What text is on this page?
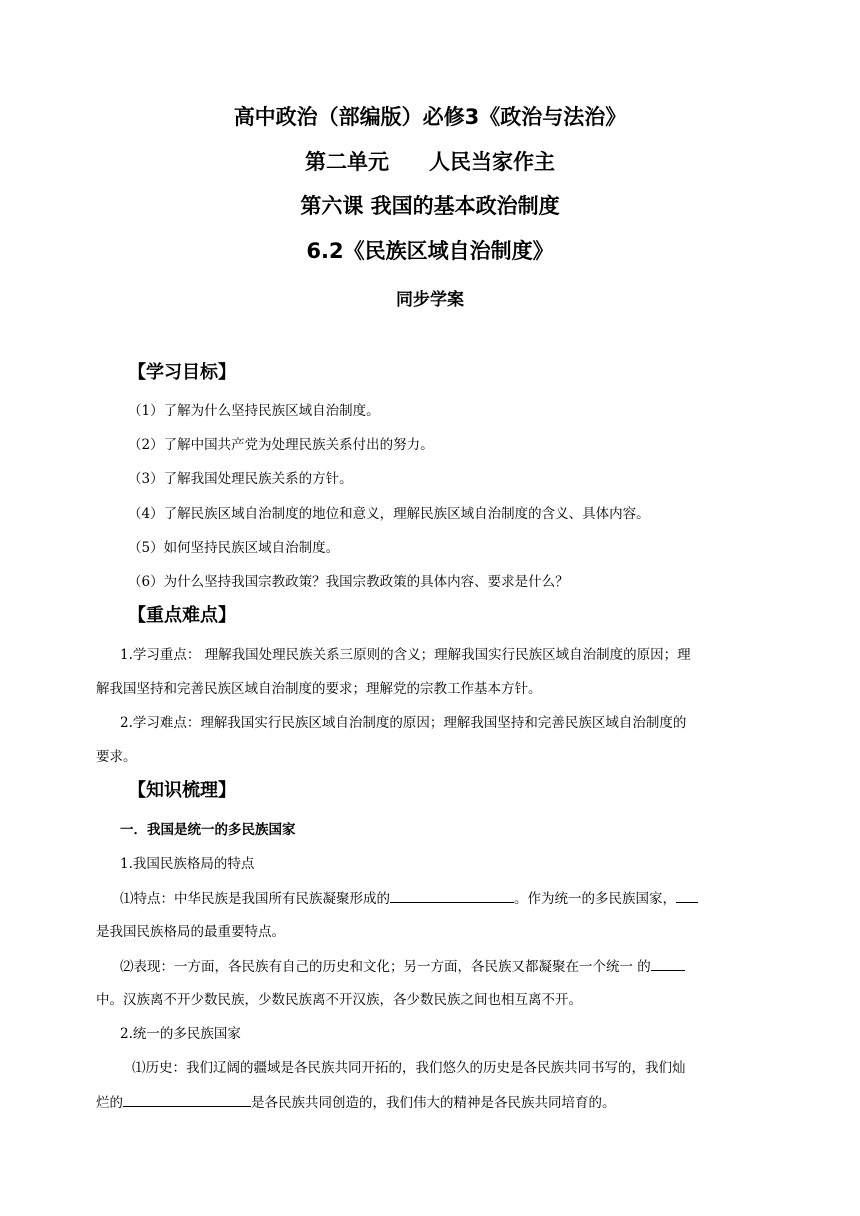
高中政治（部编版）必修3《政治与法治》
第二单元 人民当家作主
第六课 我国的基本政治制度
6.2《民族区域自治制度》
同步学案
【学习目标】
（1）了解为什么坚持民族区域自治制度。
（2）了解中国共产党为处理民族关系付出的努力。
（3）了解我国处理民族关系的方针。
（4）了解民族区域自治制度的地位和意义，理解民族区域自治制度的含义、具体内容。
（5）如何坚持民族区域自治制度。
（6）为什么坚持我国宗教政策？我国宗教政策的具体内容、要求是什么？
【重点难点】
1.学习重点： 理解我国处理民族关系三原则的含义；理解我国实行民族区域自治制度的原因；理
解我国坚持和完善民族区域自治制度的要求；理解党的宗教工作基本方针。
2.学习难点：理解我国实行民族区域自治制度的原因；理解我国坚持和完善民族区域自治制度的
要求。
【知识梳理】
一．我国是统一的多民族国家
1.我国民族格局的特点
⑴特点：中华民族是我国所有民族凝聚形成的	。作为统一的多民族国家，
是我国民族格局的最重要特点。
⑵表现：一方面，各民族有自己的历史和文化；另一方面，各民族又都凝聚在一个统一 的
中。汉族离不开少数民族，少数民族离不开汉族，各少数民族之间也相互离不开。
2.统一的多民族国家
⑴历史：我们辽阔的疆域是各民族共同开拓的，我们悠久的历史是各民族共同书写的，我们灿
烂的	是各民族共同创造的，我们伟大的精神是各民族共同培育的。
